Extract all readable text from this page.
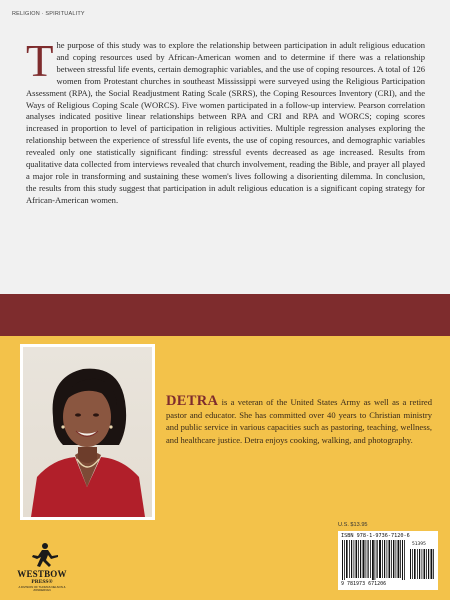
RELIGION · SPIRITUALITY
The purpose of this study was to explore the relationship between participation in adult religious education and coping resources used by African-American women and to determine if there was a relationship between stressful life events, certain demographic variables, and the use of coping resources. A total of 126 women from Protestant churches in southeast Mississippi were surveyed using the Religious Participation Assessment (RPA), the Social Readjustment Rating Scale (SRRS), the Coping Resources Inventory (CRI), and the Ways of Religious Coping Scale (WORCS). Five women participated in a follow-up interview. Pearson correlation analyses indicated positive linear relationships between RPA and CRI and RPA and WORCS; coping scores increased in proportion to level of participation in religious activities. Multiple regression analyses exploring the relationship between the experience of stressful life events, the use of coping resources, and demographic variables revealed only one statistically significant finding: stressful events decreased as age increased. Results from qualitative data collected from interviews revealed that church involvement, reading the Bible, and prayer all played a major role in transforming and sustaining these women's lives following a disorienting dilemma. In conclusion, the results from this study suggest that participation in adult religious education is a significant coping strategy for African-American women.
DETRA is a veteran of the United States Army as well as a retired pastor and educator. She has committed over 40 years to Christian ministry and public service in various capacities such as pastoring, teaching, wellness, and healthcare justice. Detra enjoys cooking, walking, and photography.
U.S. $13.95
ISBN 978-1-9736-7120-6
51395
9 781973 671206
WESTBOW
PRESS®
A DIVISION OF THOMAS NELSON & ZONDERVAN
